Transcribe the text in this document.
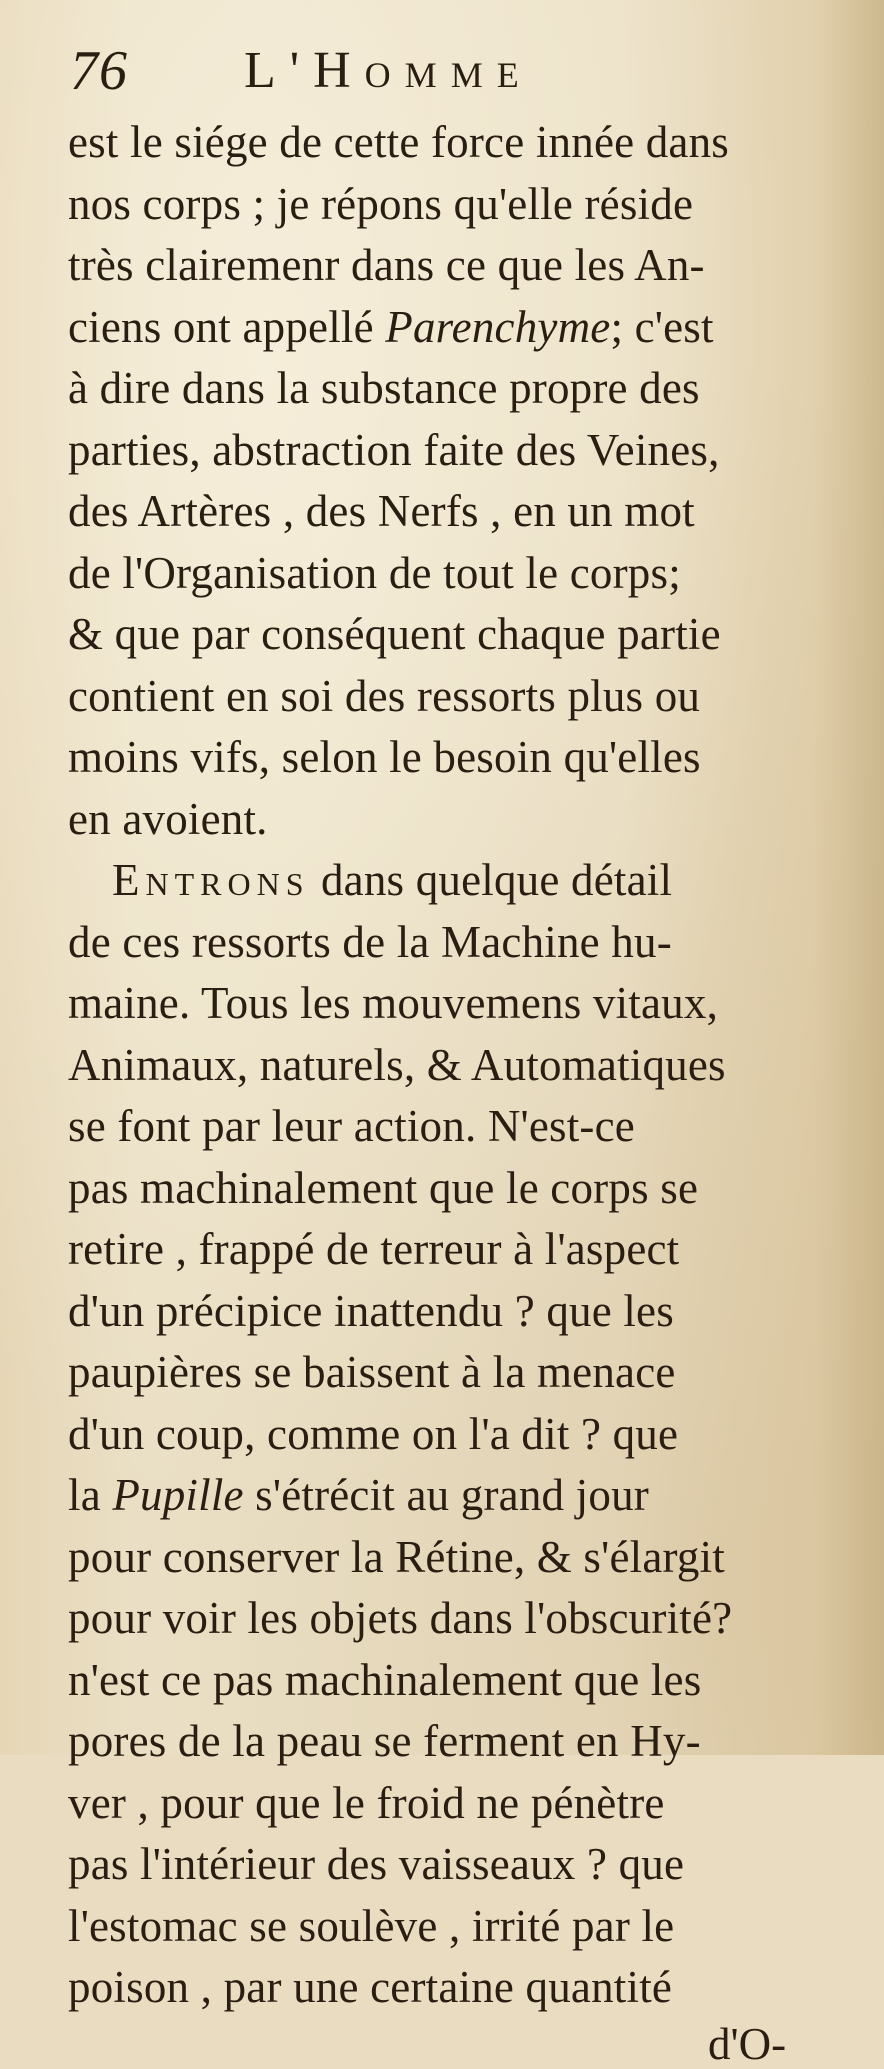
76 L'Homme
est le siége de cette force innée dans
nos corps ; je répons qu'elle réside
très clairemenr dans ce que les An-
ciens ont appellé Parenchyme; c'est
à dire dans la substance propre des
parties, abstraction faite des Veines,
des Artères , des Nerfs , en un mot
de l'Organisation de tout le corps;
& que par conséquent chaque partie
contient en soi des ressorts plus ou
moins vifs, selon le besoin qu'elles
en avoient.
Entrons dans quelque détail
de ces ressorts de la Machine hu-
maine. Tous les mouvemens vitaux,
Animaux, naturels, & Automatiques
se font par leur action. N'est-ce
pas machinalement que le corps se
retire , frappé de terreur à l'aspect
d'un précipice inattendu ? que les
paupières se baissent à la menace
d'un coup, comme on l'a dit ? que
la Pupille s'étrécit au grand jour
pour conserver la Rétine, & s'élargit
pour voir les objets dans l'obscurité?
n'est ce pas machinalement que les
pores de la peau se ferment en Hy-
ver , pour que le froid ne pénètre
pas l'intérieur des vaisseaux ? que
l'estomac se soulève , irrité par le
poison , par une certaine quantité
d'O-
